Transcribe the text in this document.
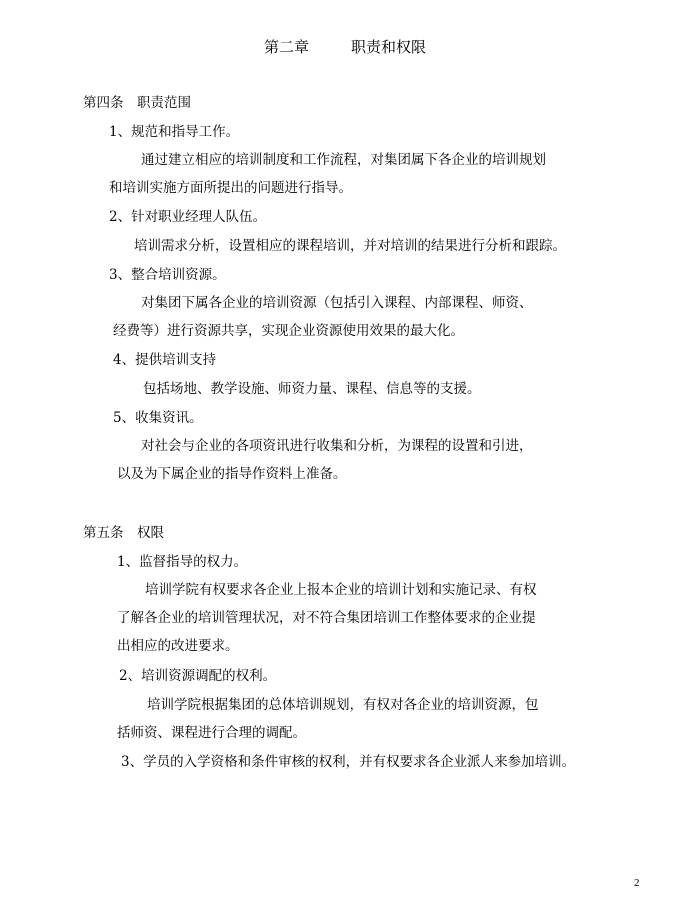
第二章	职责和权限
第四条　职责范围
1、规范和指导工作。
通过建立相应的培训制度和工作流程，对集团属下各企业的培训规划
和培训实施方面所提出的问题进行指导。
2、针对职业经理人队伍。
培训需求分析，设置相应的课程培训，并对培训的结果进行分析和跟踪。
3、整合培训资源。
对集团下属各企业的培训资源（包括引入课程、内部课程、师资、
经费等）进行资源共享，实现企业资源使用效果的最大化。
4、提供培训支持
包括场地、教学设施、师资力量、课程、信息等的支援。
5、收集资讯。
对社会与企业的各项资讯进行收集和分析，为课程的设置和引进，
以及为下属企业的指导作资料上准备。
第五条　权限
1、监督指导的权力。
培训学院有权要求各企业上报本企业的培训计划和实施记录、有权
了解各企业的培训管理状况，对不符合集团培训工作整体要求的企业提
出相应的改进要求。
2、培训资源调配的权利。
培训学院根据集团的总体培训规划，有权对各企业的培训资源，包
括师资、课程进行合理的调配。
3、学员的入学资格和条件审核的权利，并有权要求各企业派人来参加培训。
2
